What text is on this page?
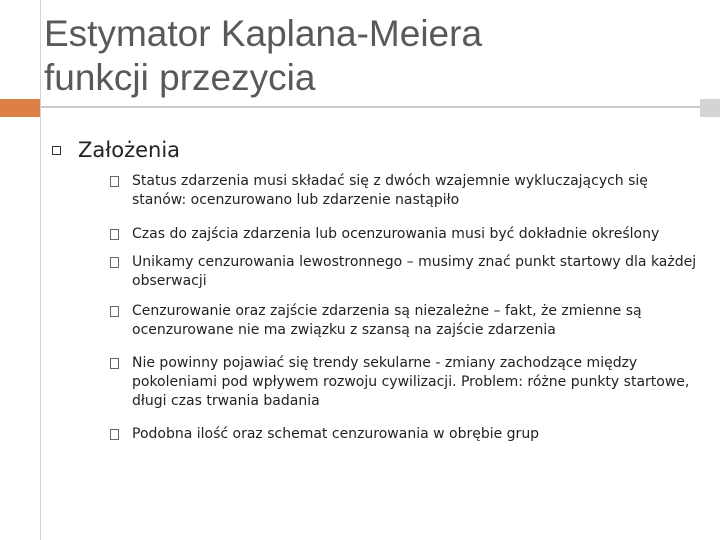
Estymator Kaplana-Meiera
funkcji przezycia
Założenia
Status zdarzenia musi składać się z dwóch wzajemnie wykluczających się stanów: ocenzurowano lub zdarzenie nastąpiło
Czas do zajścia zdarzenia lub ocenzurowania musi być dokładnie określony
Unikamy cenzurowania lewostronnego – musimy znać punkt startowy dla każdej obserwacji
Cenzurowanie oraz zajście zdarzenia są niezależne – fakt, że zmienne są ocenzurowane nie ma związku z szansą na zajście zdarzenia
Nie powinny pojawiać się trendy sekularne - zmiany zachodzące między pokoleniami pod wpływem rozwoju cywilizacji. Problem: różne punkty startowe, długi czas trwania badania
Podobna ilość oraz schemat cenzurowania w obrębie grup
